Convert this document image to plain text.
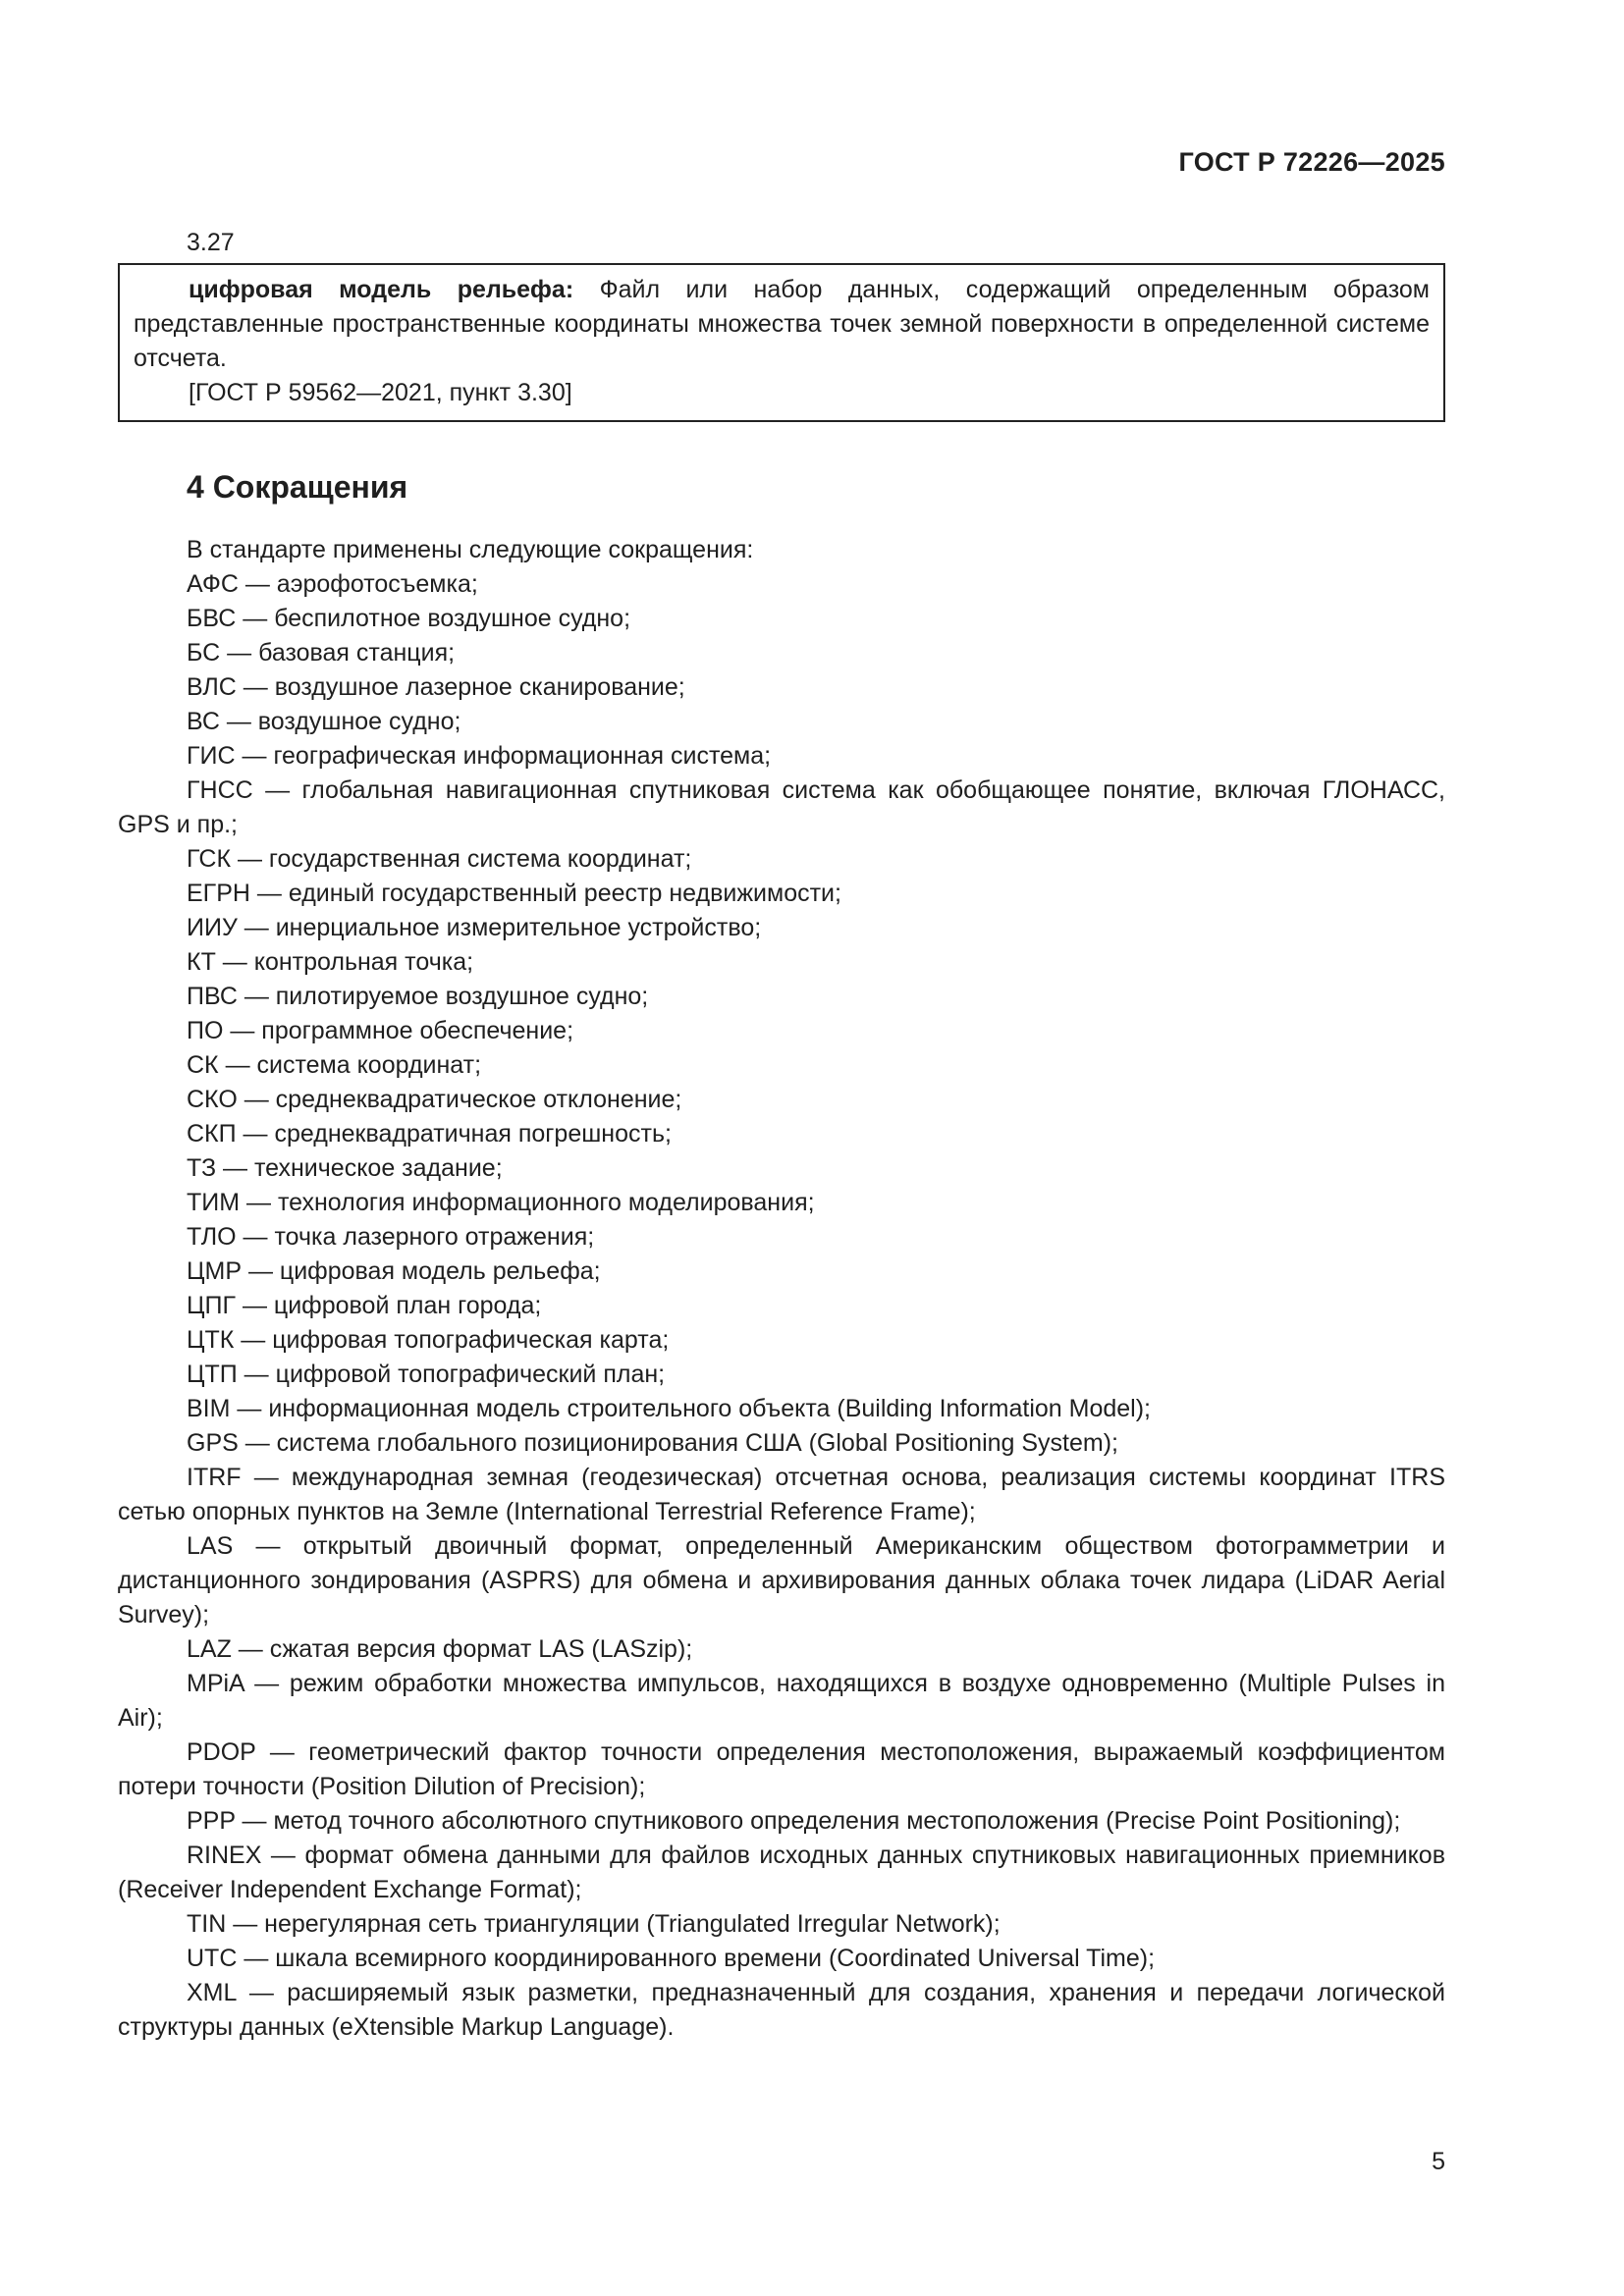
ГОСТ Р 72226—2025
3.27

цифровая модель рельефа: Файл или набор данных, содержащий определенным образом представленные пространственные координаты множества точек земной поверхности в определенной системе отсчета.

[ГОСТ Р 59562—2021, пункт 3.30]

4 Сокращения

В стандарте применены следующие сокращения:

АФС — аэрофотосъемка;

БВС — беспилотное воздушное судно;

БС — базовая станция;

ВЛС — воздушное лазерное сканирование;

ВС — воздушное судно;

ГИС — географическая информационная система;

ГНСС — глобальная навигационная спутниковая система как обобщающее понятие, включая ГЛОНАСС, GPS и пр.;

ГСК — государственная система координат;

ЕГРН — единый государственный реестр недвижимости;

ИИУ — инерциальное измерительное устройство;

КТ — контрольная точка;

ПВС — пилотируемое воздушное судно;

ПО — программное обеспечение;

СК — система координат;

СКО — среднеквадратическое отклонение;

СКП — среднеквадратичная погрешность;

ТЗ — техническое задание;

ТИМ — технология информационного моделирования;

ТЛО — точка лазерного отражения;

ЦМР — цифровая модель рельефа;

ЦПГ — цифровой план города;

ЦТК — цифровая топографическая карта;

ЦТП — цифровой топографический план;

BIM — информационная модель строительного объекта (Building Information Model);

GPS — система глобального позиционирования США (Global Positioning System);

ITRF — международная земная (геодезическая) отсчетная основа, реализация системы координат ITRS сетью опорных пунктов на Земле (International Terrestrial Reference Frame);

LAS — открытый двоичный формат, определенный Американским обществом фотограмметрии и дистанционного зондирования (ASPRS) для обмена и архивирования данных облака точек лидара (LiDAR Aerial Survey);

LAZ — сжатая версия формат LAS (LASzip);

MPiA — режим обработки множества импульсов, находящихся в воздухе одновременно (Multiple Pulses in Air);

PDOP — геометрический фактор точности определения местоположения, выражаемый коэффициентом потери точности (Position Dilution of Precision);

PPP — метод точного абсолютного спутникового определения местоположения (Precise Point Positioning);

RINEX — формат обмена данными для файлов исходных данных спутниковых навигационных приемников (Receiver Independent Exchange Format);

TIN — нерегулярная сеть триангуляции (Triangulated Irregular Network);

UTC — шкала всемирного координированного времени (Coordinated Universal Time);

XML — расширяемый язык разметки, предназначенный для создания, хранения и передачи логической структуры данных (eXtensible Markup Language).

5
